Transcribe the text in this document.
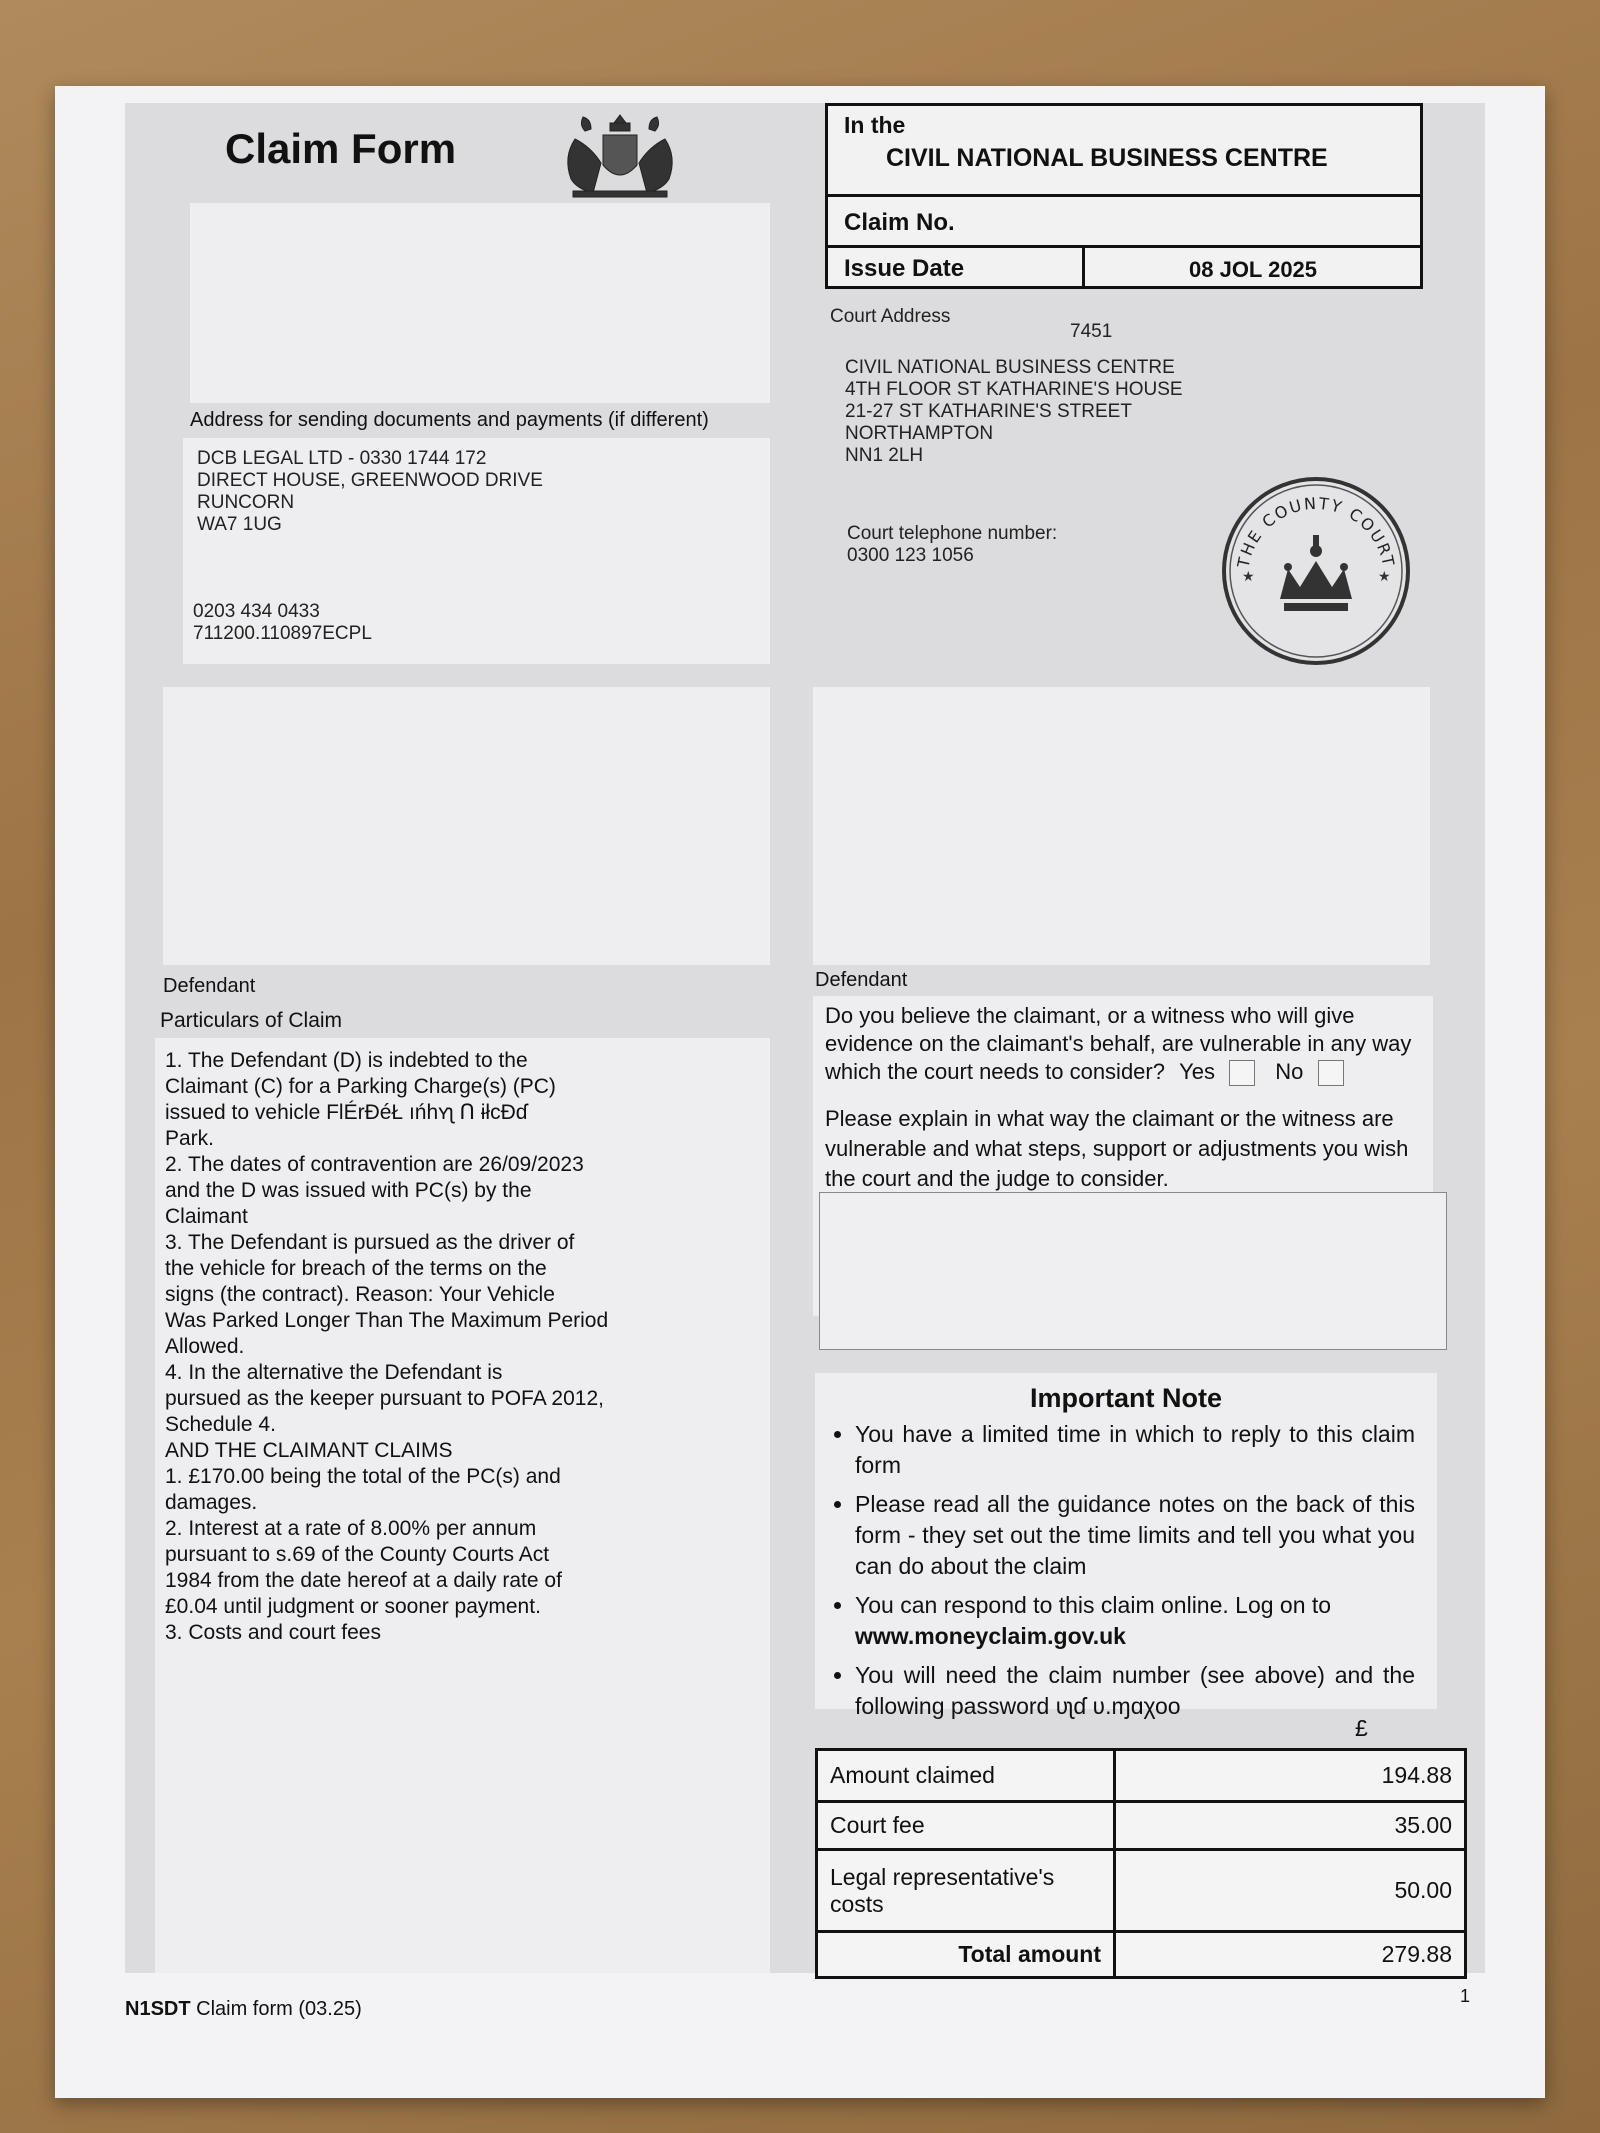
Claim Form
Address for sending documents and payments (if different)
DCB LEGAL LTD - 0330 1744 172
DIRECT HOUSE, GREENWOOD DRIVE
RUNCORN
WA7 1UG
0203 434 0433
711200.110897ECPL
In the
CIVIL NATIONAL BUSINESS CENTRE
Claim No.
Issue Date	08 JOL 2025
Court Address
7451
CIVIL NATIONAL BUSINESS CENTRE
4TH FLOOR ST KATHARINE'S HOUSE
21-27 ST KATHARINE'S STREET
NORTHAMPTON
NN1 2LH
Court telephone number:
0300 123 1056	THE COUNTY COURT
★	★
Defendant	Defendant
Particulars of Claim
1. The Defendant (D) is indebted to the
Claimant (C) for a Parking Charge(s) (PC)
issued to vehicle FlÉrÐéŁ ıńhʏʅ Ո ɨłϲÐɗ
Park.
2. The dates of contravention are 26/09/2023
and the D was issued with PC(s) by the
Claimant
3. The Defendant is pursued as the driver of
the vehicle for breach of the terms on the
signs (the contract). Reason: Your Vehicle
Was Parked Longer Than The Maximum Period
Allowed.
4. In the alternative the Defendant is
pursued as the keeper pursuant to POFA 2012,
Schedule 4.
AND THE CLAIMANT CLAIMS
1. £170.00 being the total of the PC(s) and
damages.
2. Interest at a rate of 8.00% per annum
pursuant to s.69 of the County Courts Act
1984 from the date hereof at a daily rate of
£0.04 until judgment or sooner payment.
3. Costs and court fees
Do you believe the claimant, or a witness who will give evidence on the claimant's behalf, are vulnerable in any way which the court needs to consider? Yes	No
Please explain in what way the claimant or the witness are vulnerable and what steps, support or adjustments you wish the court and the judge to consider.
Important Note
• You have a limited time in which to reply to this claim form
• Please read all the guidance notes on the back of this form - they set out the time limits and tell you what you can do about the claim
• You can respond to this claim online. Log on to
www.moneyclaim.gov.uk
• You will need the claim number (see above) and the following password ʋʅɗ ʋ.ɱɑχοο
£
Amount claimed	194.88
Court fee	35.00
Legal representative's costs	50.00
Total amount	279.88
N1SDT Claim form (03.25)
1
